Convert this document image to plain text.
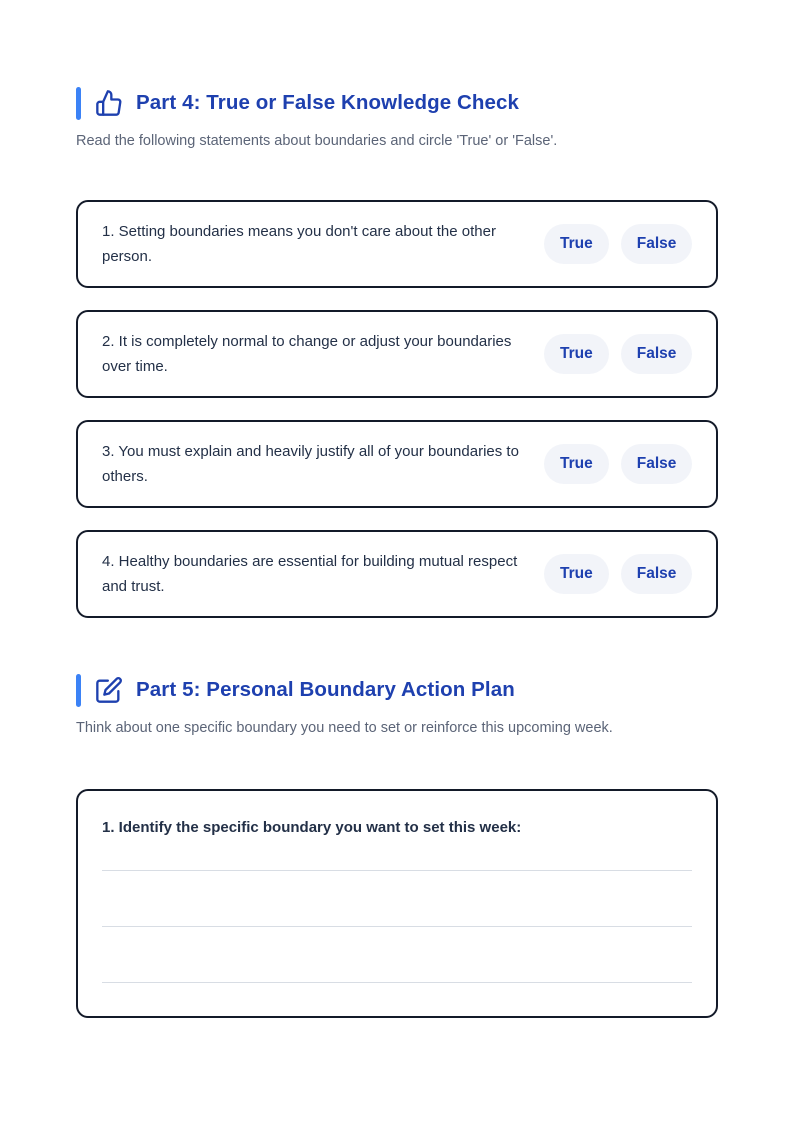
Part 4: True or False Knowledge Check

Read the following statements about boundaries and circle 'True' or 'False'.

1. Setting boundaries means you don't care about the other person.

True	False

2. It is completely normal to change or adjust your boundaries over time.

True	False

3. You must explain and heavily justify all of your boundaries to others.

True	False

4. Healthy boundaries are essential for building mutual respect and trust.

True	False
Part 5: Personal Boundary Action Plan

Think about one specific boundary you need to set or reinforce this upcoming week.

1. Identify the specific boundary you want to set this week:
